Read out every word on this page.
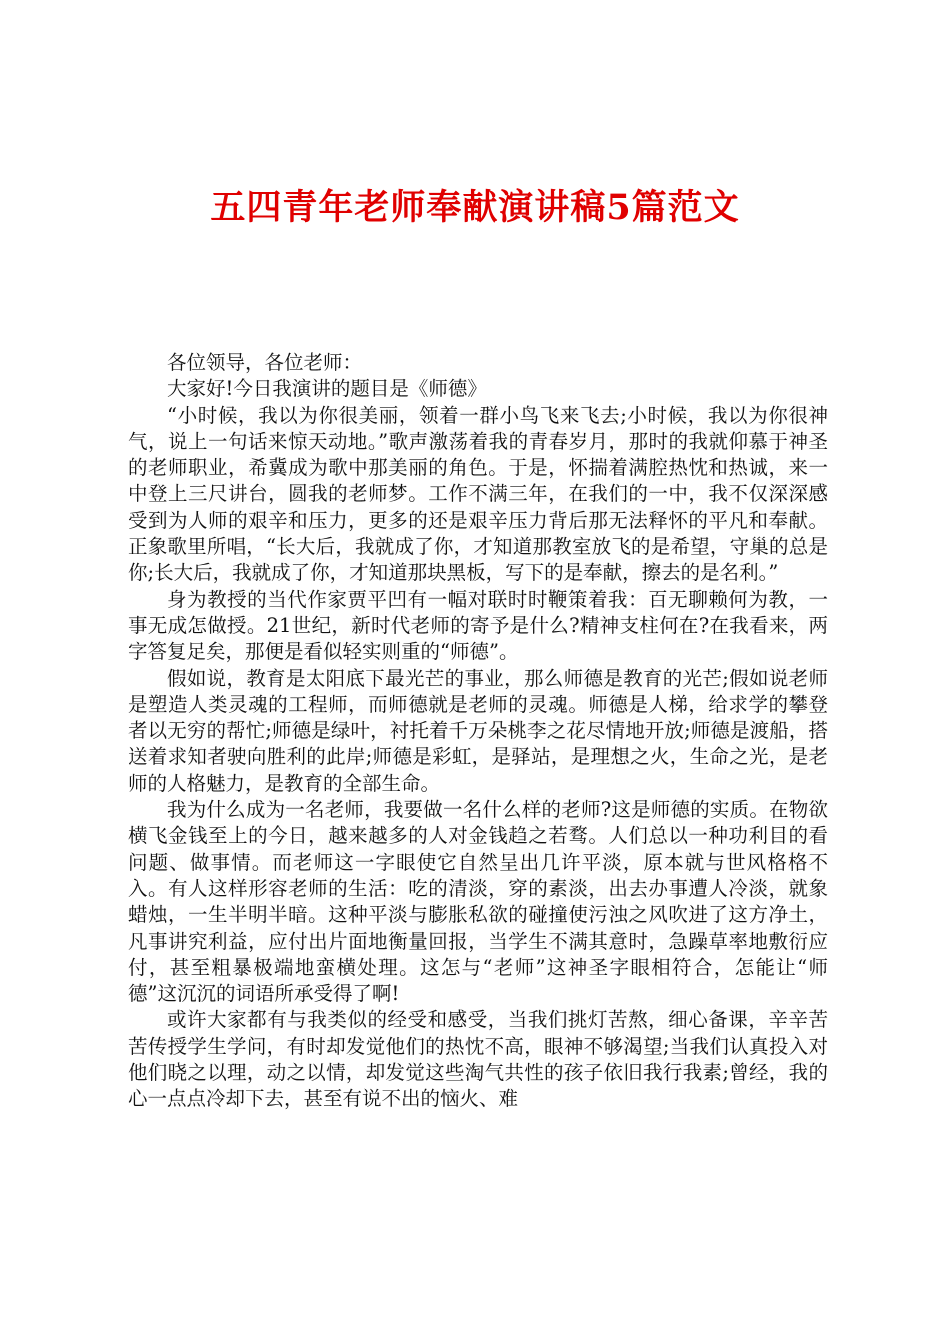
五四青年老师奉献演讲稿5篇范文

各位领导，各位老师：

大家好!今日我演讲的题目是《师德》

“小时候，我以为你很美丽，领着一群小鸟飞来飞去;小时候，我以为你很神气，说上一句话来惊天动地。”歌声激荡着我的青春岁月，那时的我就仰慕于神圣的老师职业，希冀成为歌中那美丽的角色。于是，怀揣着满腔热忱和热诚，来一中登上三尺讲台，圆我的老师梦。工作不满三年，在我们的一中，我不仅深深感受到为人师的艰辛和压力，更多的还是艰辛压力背后那无法释怀的平凡和奉献。正象歌里所唱，“长大后，我就成了你，才知道那教室放飞的是希望，守巢的总是你;长大后，我就成了你，才知道那块黑板，写下的是奉献，擦去的是名利。”

身为教授的当代作家贾平凹有一幅对联时时鞭策着我：百无聊赖何为教，一事无成怎做授。21世纪，新时代老师的寄予是什么?精神支柱何在?在我看来，两字答复足矣，那便是看似轻实则重的“师德”。

假如说，教育是太阳底下最光芒的事业，那么师德是教育的光芒;假如说老师是塑造人类灵魂的工程师，而师德就是老师的灵魂。师德是人梯，给求学的攀登者以无穷的帮忙;师德是绿叶，衬托着千万朵桃李之花尽情地开放;师德是渡船，搭送着求知者驶向胜利的此岸;师德是彩虹，是驿站，是理想之火，生命之光，是老师的人格魅力，是教育的全部生命。

我为什么成为一名老师，我要做一名什么样的老师?这是师德的实质。在物欲横飞金钱至上的今日，越来越多的人对金钱趋之若骛。人们总以一种功利目的看问题、做事情。而老师这一字眼使它自然呈出几许平淡，原本就与世风格格不入。有人这样形容老师的生活：吃的清淡，穿的素淡，出去办事遭人冷淡，就象蜡烛，一生半明半暗。这种平淡与膨胀私欲的碰撞使污浊之风吹进了这方净土，凡事讲究利益，应付出片面地衡量回报，当学生不满其意时，急躁草率地敷衍应付，甚至粗暴极端地蛮横处理。这怎与“老师”这神圣字眼相符合，怎能让“师德”这沉沉的词语所承受得了啊!

或许大家都有与我类似的经受和感受，当我们挑灯苦熬，细心备课，辛辛苦苦传授学生学问，有时却发觉他们的热忱不高，眼神不够渴望;当我们认真投入对他们晓之以理，动之以情，却发觉这些淘气共性的孩子依旧我行我素;曾经，我的心一点点冷却下去，甚至有说不出的恼火、难
